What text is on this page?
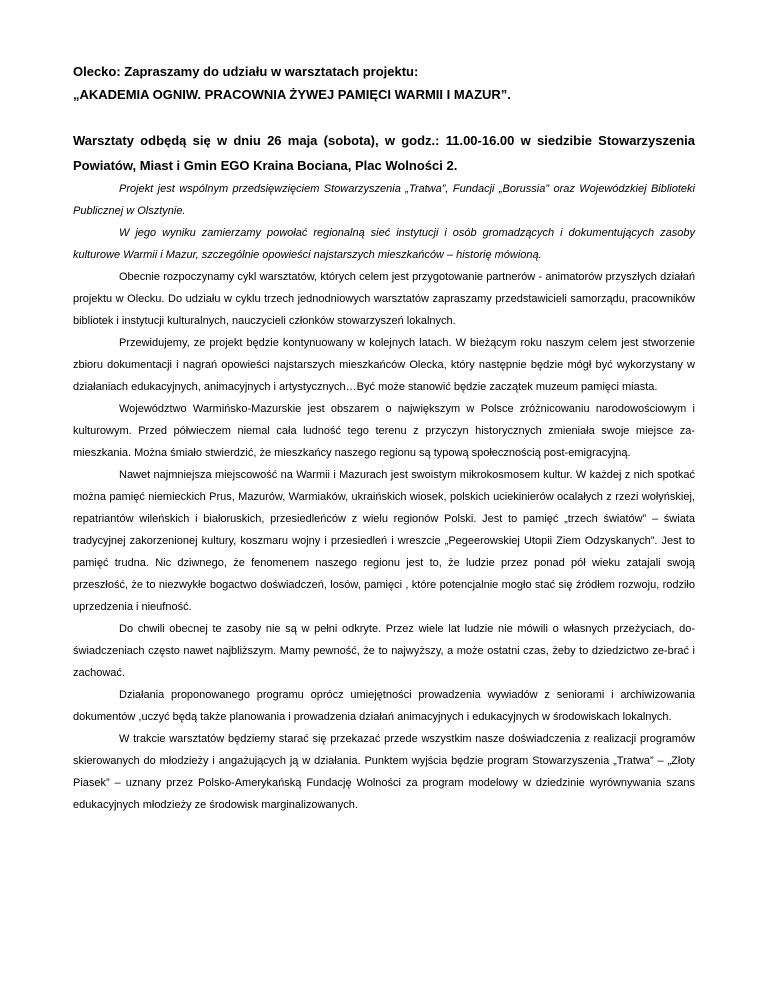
Olecko: Zapraszamy do udziału w warsztatach projektu:

„AKADEMIA OGNIW. PRACOWNIA ŻYWEJ PAMIĘCI WARMII I MAZUR”.

Warsztaty odbędą się w dniu 26 maja (sobota), w godz.: 11.00-16.00 w siedzibie Stowarzyszenia Powiatów, Miast i Gmin EGO Kraina Bociana, Plac Wolności 2.

Projekt jest wspólnym przedsięwzięciem Stowarzyszenia „Tratwa”, Fundacji „Borussia” oraz Wojewódzkiej Biblioteki Publicznej w Olsztynie.

W jego wyniku zamierzamy powołać regionalną sieć instytucji i osób gromadzących i dokumentujących zasoby kulturowe Warmii i Mazur, szczególnie opowieści najstarszych mieszkańców – historię mówioną.

Obecnie rozpoczynamy cykl warsztatów, których celem jest przygotowanie partnerów - animatorów przyszłych działań projektu w Olecku. Do udziału w cyklu trzech jednodniowych warsztatów zapraszamy przedstawicieli samorządu, pracowników bibliotek i instytucji kulturalnych, nauczycieli członków stowarzyszeń lokalnych.

Przewidujemy, ze projekt będzie kontynuowany w kolejnych latach. W bieżącym roku naszym celem jest stworzenie zbioru dokumentacji i nagrań opowieści najstarszych mieszkańców Olecka, który następnie będzie mógł być wykorzystany w działaniach edukacyjnych, animacyjnych i artystycznych…Być może stanowić będzie zaczątek muzeum pamięci miasta.

Województwo Warmińsko-Mazurskie jest obszarem o największym w Polsce zróżnicowaniu narodowościowym i kulturowym. Przed półwieczem niemal cała ludność tego terenu z przyczyn historycznych zmieniała swoje miejsce za-mieszkania. Można śmiało stwierdzić, że mieszkańcy naszego regionu są typową społecznością post-emigracyjną.

Nawet najmniejsza miejscowość na Warmii i Mazurach jest swoistym mikrokosmosem kultur. W każdej z nich spotkać można pamięć niemieckich Prus, Mazurów, Warmiaków, ukraińskich wiosek, polskich uciekinierów ocalałych z rzezi wołyńskiej, repatriantów wileńskich i białoruskich, przesiedleńców z wielu regionów Polski. Jest to pamięć „trzech światów” – świata tradycyjnej zakorzenionej kultury, koszmaru wojny i przesiedleń i wreszcie „Pegeerowskiej Utopii Ziem Odzyskanych”. Jest to pamięć trudna. Nic dziwnego, że fenomenem naszego regionu jest to, że ludzie przez ponad pół wieku zatajali swoją przeszłość, że to niezwykłe bogactwo doświadczeń, losów, pamięci , które potencjalnie mogło stać się źródłem rozwoju, rodziło uprzedzenia i nieufność.

Do chwili obecnej te zasoby nie są w pełni odkryte. Przez wiele lat ludzie nie mówili o własnych przeżyciach, do-świadczeniach często nawet najbliższym. Mamy pewność, że to najwyższy, a może ostatni czas, żeby to dziedzictwo ze-brać i zachować.

Działania proponowanego programu oprócz umiejętności prowadzenia wywiadów z seniorami i archiwizowania dokumentów ,uczyć będą także planowania i prowadzenia działań animacyjnych i edukacyjnych w środowiskach lokalnych.

W trakcie warsztatów będziemy starać się przekazać przede wszystkim nasze doświadczenia z realizacji programów skierowanych do młodzieży i angażujących ją w działania. Punktem wyjścia będzie program Stowarzyszenia „Tratwa” – „Złoty Piasek” – uznany przez Polsko-Amerykańską Fundację Wolności za program modelowy w dziedzinie wyrównywania szans edukacyjnych młodzieży ze środowisk marginalizowanych.
